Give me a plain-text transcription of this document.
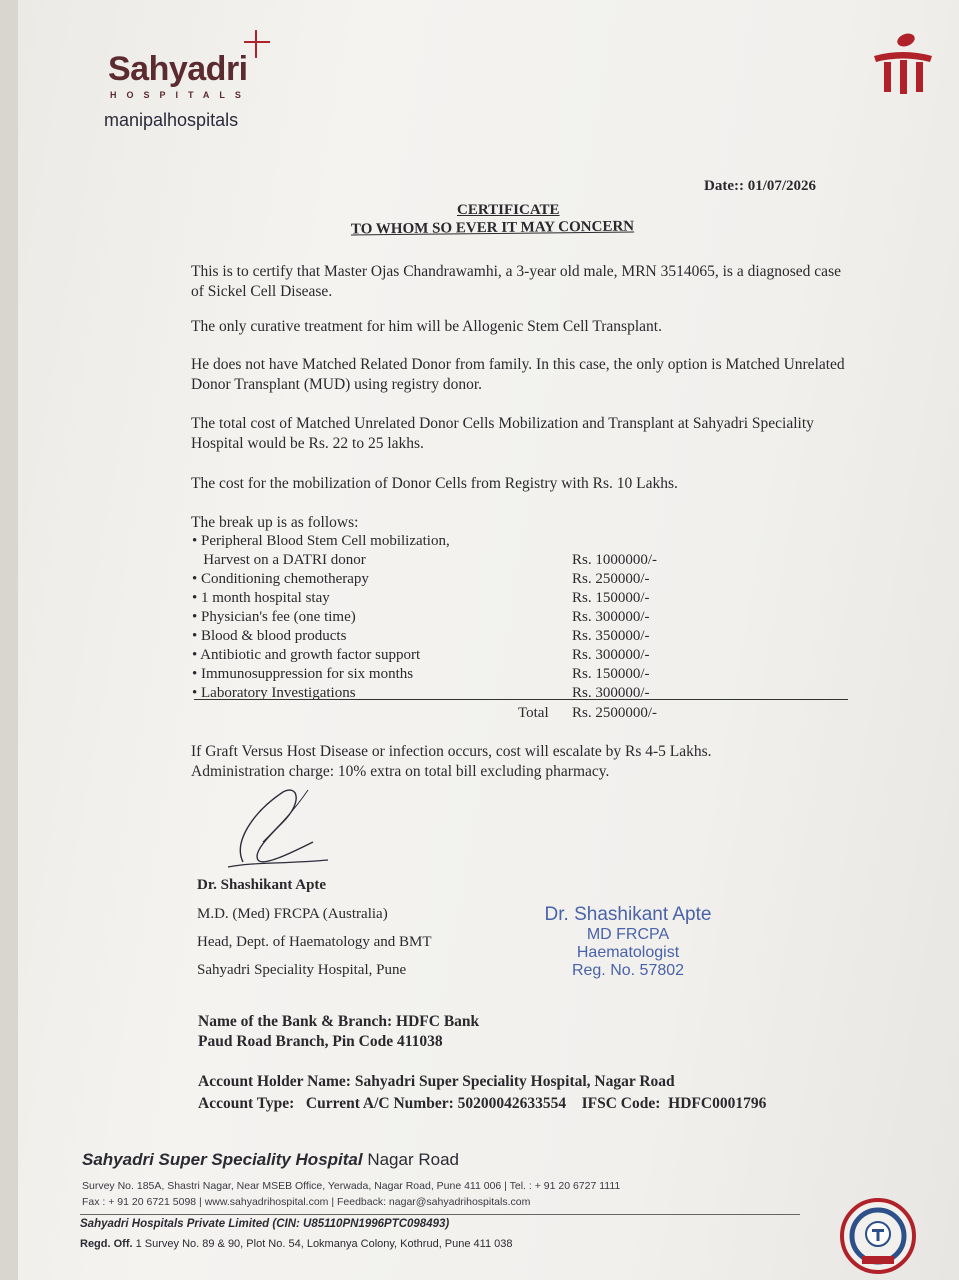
Sahyadri
HOSPITALS
manipalhospitals
Date:: 01/07/2026
CERTIFICATE
TO WHOM SO EVER IT MAY CONCERN
This is to certify that Master Ojas Chandrawamhi, a 3-year old male, MRN 3514065, is a diagnosed case of Sickel Cell Disease.
The only curative treatment for him will be Allogenic Stem Cell Transplant.
He does not have Matched Related Donor from family. In this case, the only option is Matched Unrelated Donor Transplant (MUD) using registry donor.
The total cost of Matched Unrelated Donor Cells Mobilization and Transplant at Sahyadri Speciality Hospital would be Rs. 22 to 25 lakhs.
The cost for the mobilization of Donor Cells from Registry with Rs. 10 Lakhs.
The break up is as follows:
• Peripheral Blood Stem Cell mobilization,
Harvest on a DATRI donor	Rs. 1000000/-
• Conditioning chemotherapy	Rs. 250000/-
• 1 month hospital stay	Rs. 150000/-
• Physician's fee (one time)	Rs. 300000/-
• Blood & blood products	Rs. 350000/-
• Antibiotic and growth factor support	Rs. 300000/-
• Immunosuppression for six months	Rs. 150000/-
• Laboratory Investigations	Rs. 300000/-
Total Rs. 2500000/-
If Graft Versus Host Disease or infection occurs, cost will escalate by Rs 4-5 Lakhs.
Administration charge: 10% extra on total bill excluding pharmacy.
Dr. Shashikant Apte
M.D. (Med) FRCPA (Australia)
Head, Dept. of Haematology and BMT
Sahyadri Speciality Hospital, Pune
Dr. Shashikant Apte
MD FRCPA
Haematologist
Reg. No. 57802
Name of the Bank & Branch: HDFC Bank
Paud Road Branch, Pin Code 411038
Account Holder Name: Sahyadri Super Speciality Hospital, Nagar Road
Account Type:   Current A/C Number: 50200042633554    IFSC Code:  HDFC0001796
Sahyadri Super Speciality Hospital Nagar Road
Survey No. 185A, Shastri Nagar, Near MSEB Office, Yerwada, Nagar Road, Pune 411 006 | Tel. : + 91 20 6727 1111
Fax : + 91 20 6721 5098 | www.sahyadrihospital.com | Feedback: nagar@sahyadrihospitals.com
Sahyadri Hospitals Private Limited (CIN: U85110PN1996PTC098493)
Regd. Off. 1 Survey No. 89 & 90, Plot No. 54, Lokmanya Colony, Kothrud, Pune 411 038
